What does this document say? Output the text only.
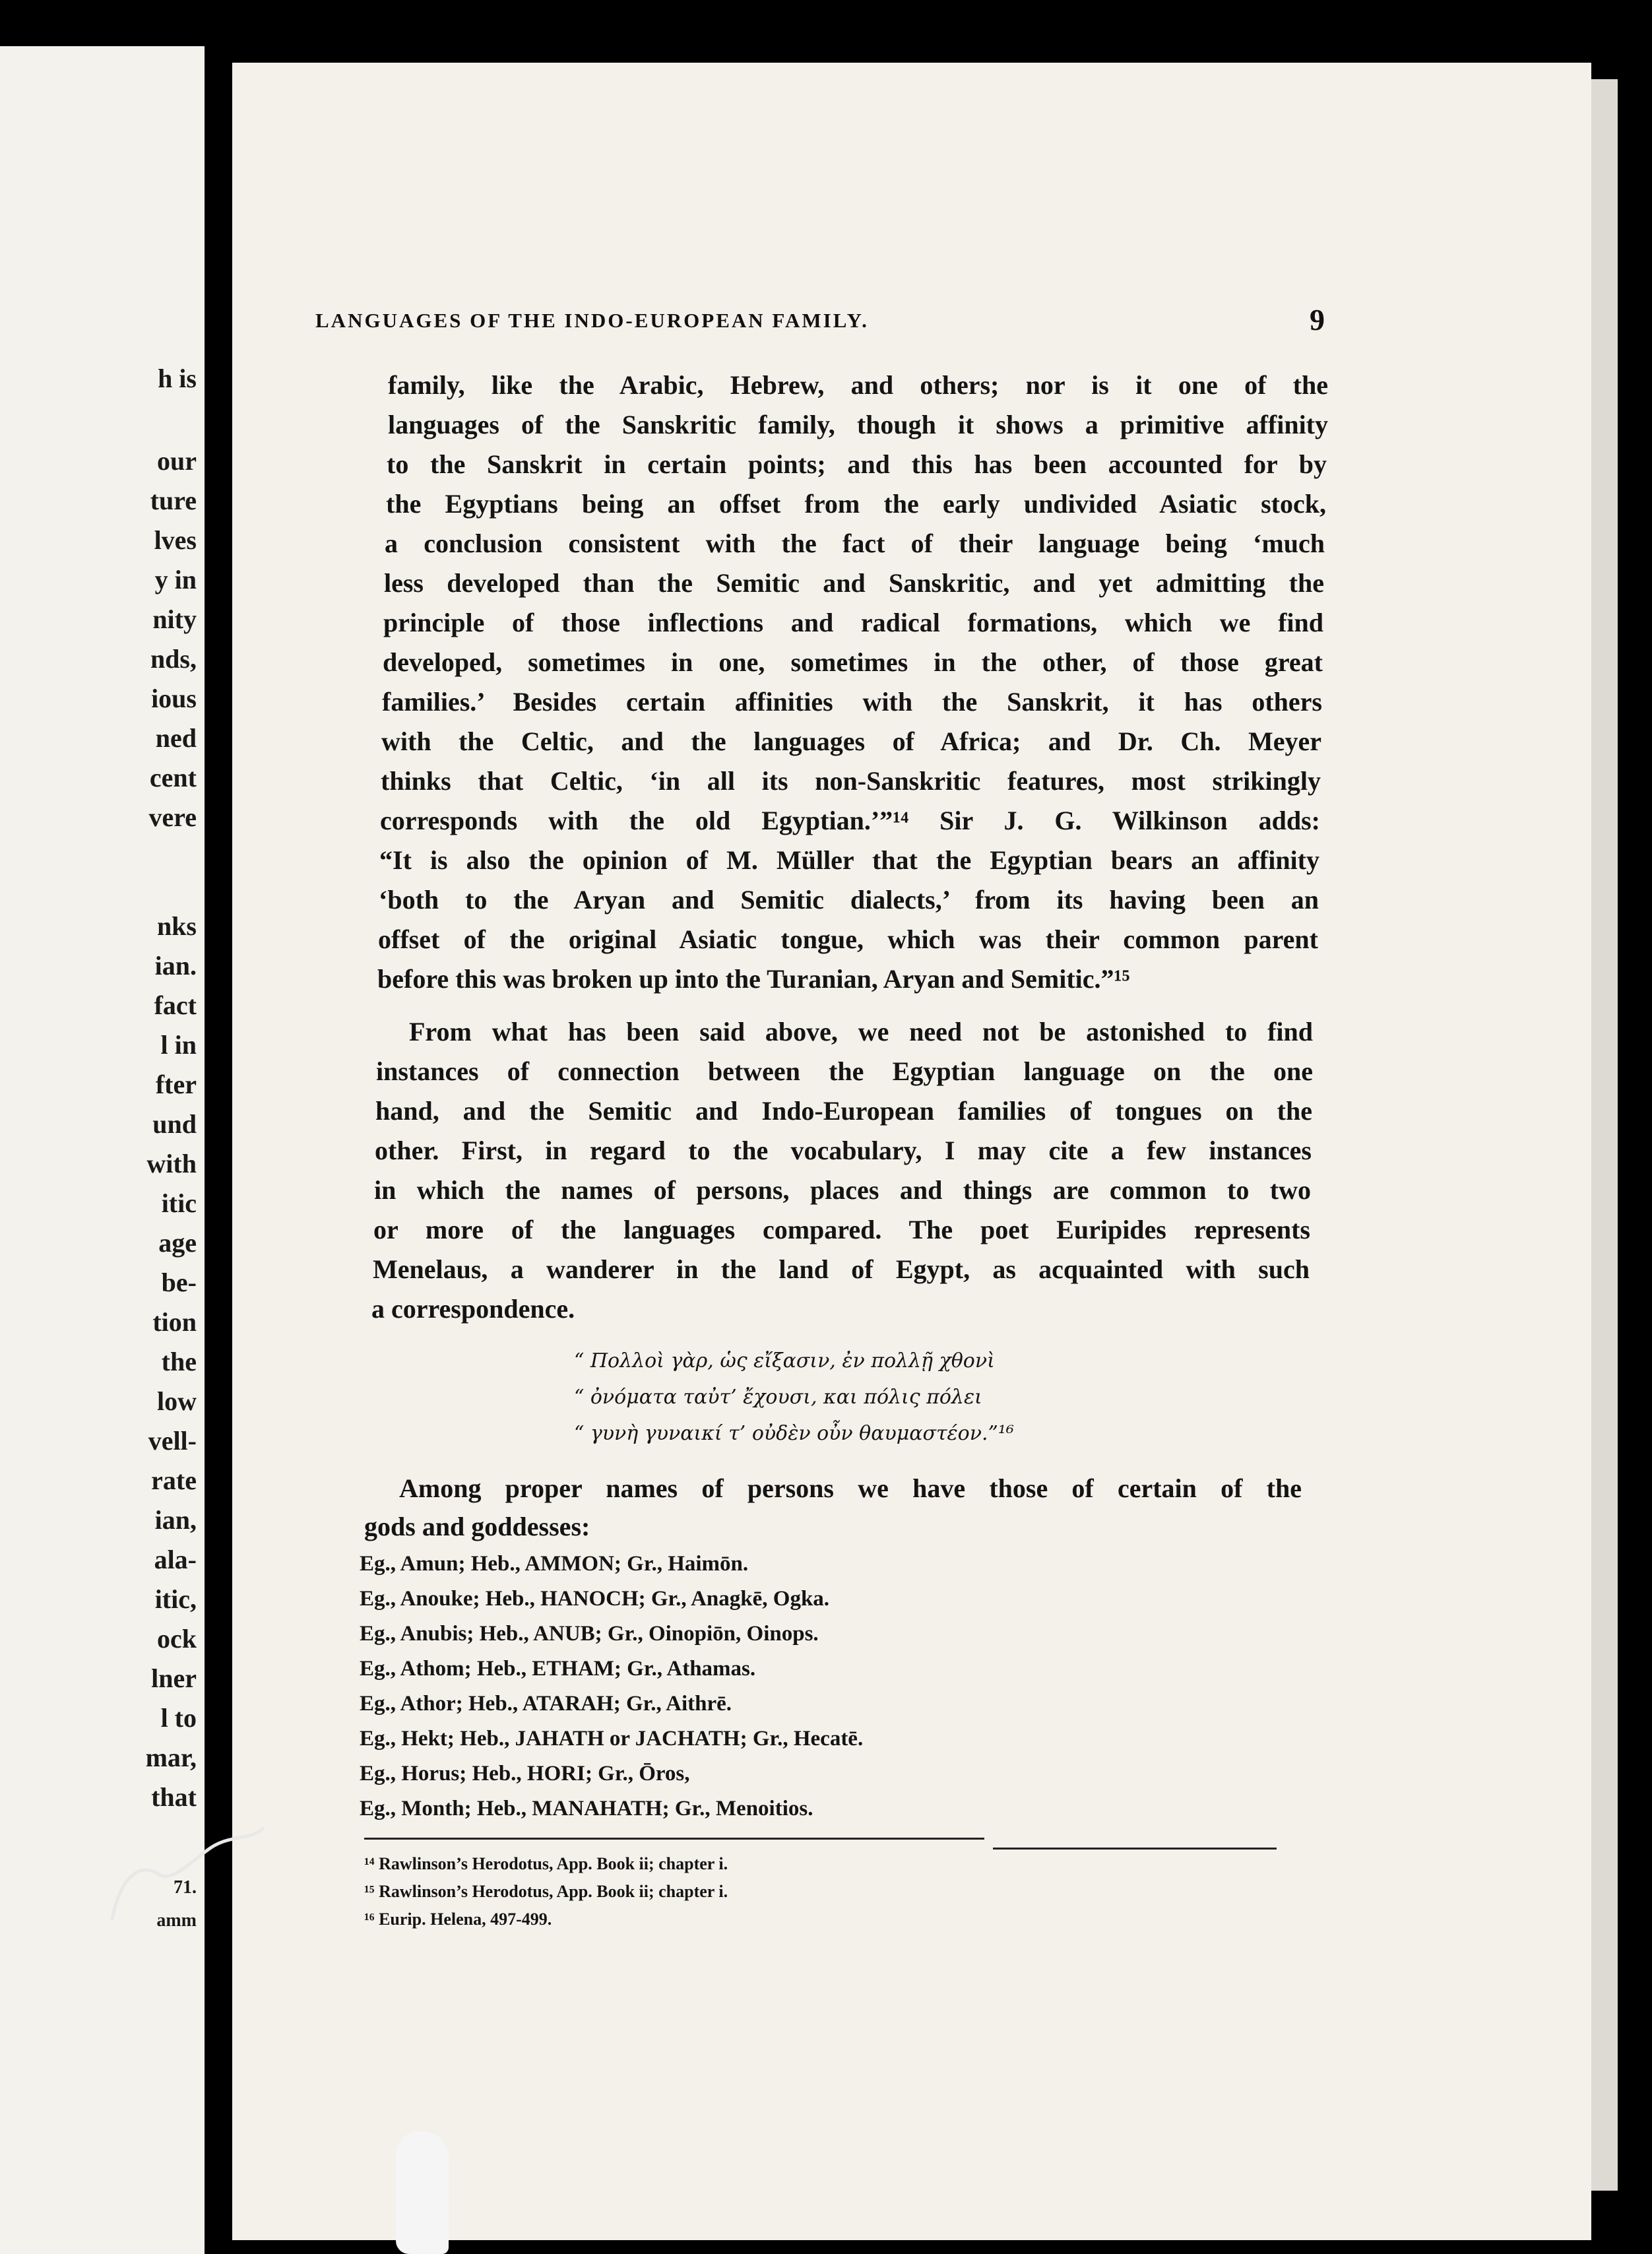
h is
our
ture
lves
y in
nity
nds,
ious
ned
cent
vere
nks
ian.
fact
l in
fter
und
with
itic
age
be-
tion
the
low
vell-
rate
ian,
ala-
itic,
ock
lner
l to
mar,
that
71.
amm
LANGUAGES OF THE INDO-EUROPEAN FAMILY.	9
family, like the Arabic, Hebrew, and others; nor is it one of the
languages of the Sanskritic family, though it shows a primitive affinity
to the Sanskrit in certain points; and this has been accounted for by
the Egyptians being an offset from the early undivided Asiatic stock,
a conclusion consistent with the fact of their language being ‘much
less developed than the Semitic and Sanskritic, and yet admitting the
principle of those inflections and radical formations, which we find
developed, sometimes in one, sometimes in the other, of those great
families.’ Besides certain affinities with the Sanskrit, it has others
with the Celtic, and the languages of Africa; and Dr. Ch. Meyer
thinks that Celtic, ‘in all its non-Sanskritic features, most strikingly
corresponds with the old Egyptian.’”¹⁴ Sir J. G. Wilkinson adds:
“It is also the opinion of M. Müller that the Egyptian bears an affinity
‘both to the Aryan and Semitic dialects,’ from its having been an
offset of the original Asiatic tongue, which was their common parent
before this was broken up into the Turanian, Aryan and Semitic.”¹⁵
From what has been said above, we need not be astonished to find
instances of connection between the Egyptian language on the one
hand, and the Semitic and Indo-European families of tongues on the
other. First, in regard to the vocabulary, I may cite a few instances
in which the names of persons, places and things are common to two
or more of the languages compared. The poet Euripides represents
Menelaus, a wanderer in the land of Egypt, as acquainted with such
a correspondence.
“ Πολλοὶ γὰρ, ὡς εἴξασιν, ἐν πολλῇ χθονὶ
“ ὀνόματα ταὐτ’ ἔχουσι, και πόλις πόλει
“ γυνὴ γυναικί τ’ οὐδὲν οὖν θαυμαστέον.”¹⁶
Among proper names of persons we have those of certain of the
gods and goddesses:
Eg., Amun; Heb., AMMON; Gr., Haimōn.
Eg., Anouke; Heb., HANOCH; Gr., Anagkē, Ogka.
Eg., Anubis; Heb., ANUB; Gr., Oinopiōn, Oinops.
Eg., Athom; Heb., ETHAM; Gr., Athamas.
Eg., Athor; Heb., ATARAH; Gr., Aithrē.
Eg., Hekt; Heb., JAHATH or JACHATH; Gr., Hecatē.
Eg., Horus; Heb., HORI; Gr., Ōros,
Eg., Month; Heb., MANAHATH; Gr., Menoitios.
¹⁴ Rawlinson’s Herodotus, App. Book ii; chapter i.
¹⁵ Rawlinson’s Herodotus, App. Book ii; chapter i.
¹⁶ Eurip. Helena, 497-499.
